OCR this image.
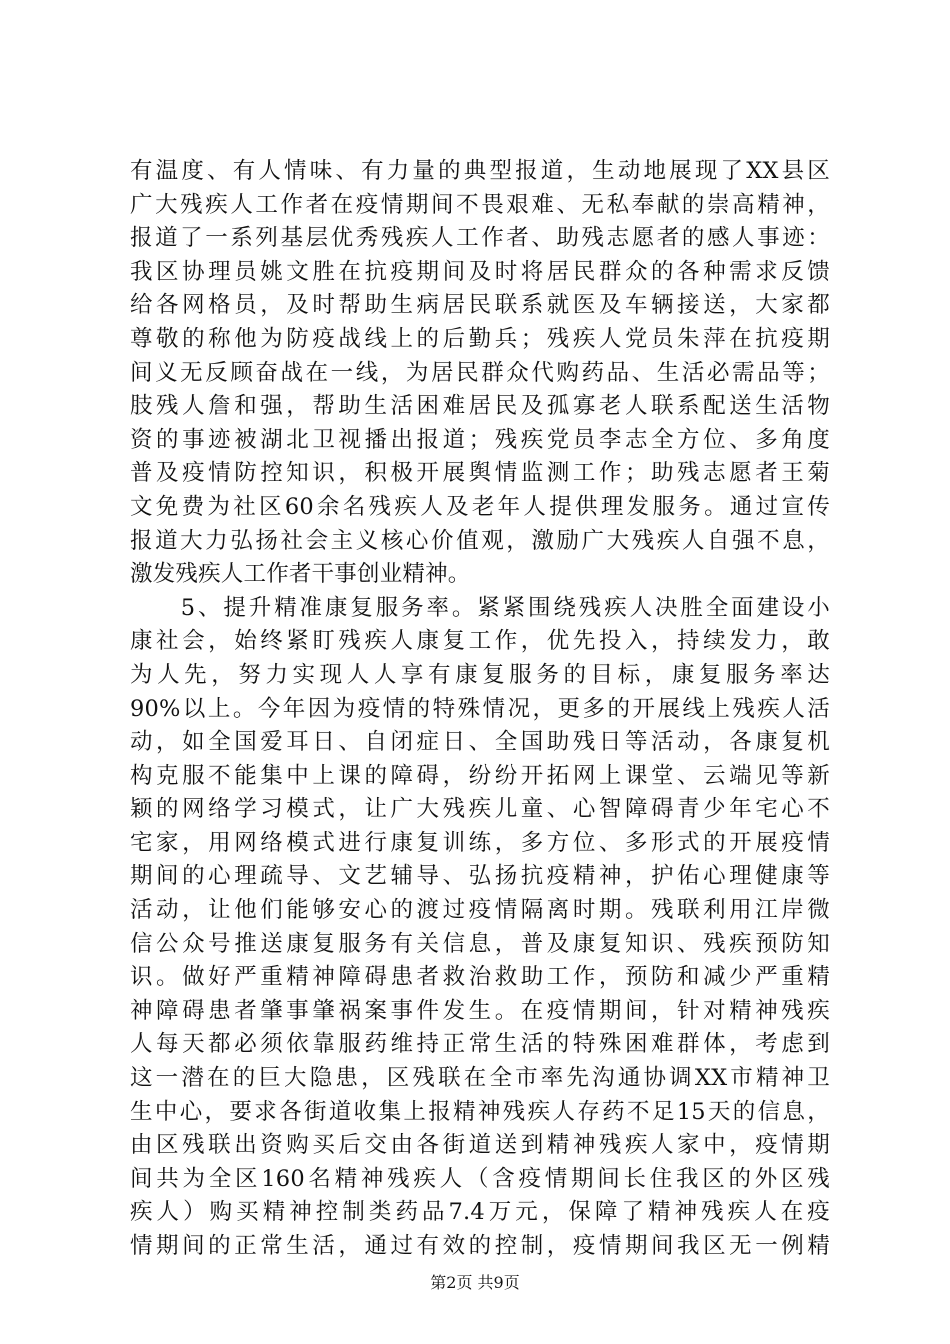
有温度、有人情味、有力量的典型报道，生动地展现了XX县区
广大残疾人工作者在疫情期间不畏艰难、无私奉献的崇高精神，
报道了一系列基层优秀残疾人工作者、助残志愿者的感人事迹：
我区协理员姚文胜在抗疫期间及时将居民群众的各种需求反馈
给各网格员，及时帮助生病居民联系就医及车辆接送，大家都
尊敬的称他为防疫战线上的后勤兵；残疾人党员朱萍在抗疫期
间义无反顾奋战在一线，为居民群众代购药品、生活必需品等；
肢残人詹和强，帮助生活困难居民及孤寡老人联系配送生活物
资的事迹被湖北卫视播出报道；残疾党员李志全方位、多角度
普及疫情防控知识，积极开展舆情监测工作；助残志愿者王菊
文免费为社区60余名残疾人及老年人提供理发服务。通过宣传
报道大力弘扬社会主义核心价值观，激励广大残疾人自强不息，
激发残疾人工作者干事创业精神。
　　5、提升精准康复服务率。紧紧围绕残疾人决胜全面建设小
康社会，始终紧盯残疾人康复工作，优先投入，持续发力，敢
为人先，努力实现人人享有康复服务的目标，康复服务率达
90%以上。今年因为疫情的特殊情况，更多的开展线上残疾人活
动，如全国爱耳日、自闭症日、全国助残日等活动，各康复机
构克服不能集中上课的障碍，纷纷开拓网上课堂、云端见等新
颖的网络学习模式，让广大残疾儿童、心智障碍青少年宅心不
宅家，用网络模式进行康复训练，多方位、多形式的开展疫情
期间的心理疏导、文艺辅导、弘扬抗疫精神，护佑心理健康等
活动，让他们能够安心的渡过疫情隔离时期。残联利用江岸微
信公众号推送康复服务有关信息，普及康复知识、残疾预防知
识。做好严重精神障碍患者救治救助工作，预防和减少严重精
神障碍患者肇事肇祸案事件发生。在疫情期间，针对精神残疾
人每天都必须依靠服药维持正常生活的特殊困难群体，考虑到
这一潜在的巨大隐患，区残联在全市率先沟通协调XX市精神卫
生中心，要求各街道收集上报精神残疾人存药不足15天的信息，
由区残联出资购买后交由各街道送到精神残疾人家中，疫情期
间共为全区160名精神残疾人（含疫情期间长住我区的外区残
疾人）购买精神控制类药品7.4万元，保障了精神残疾人在疫
情期间的正常生活，通过有效的控制，疫情期间我区无一例精
第2页 共9页
